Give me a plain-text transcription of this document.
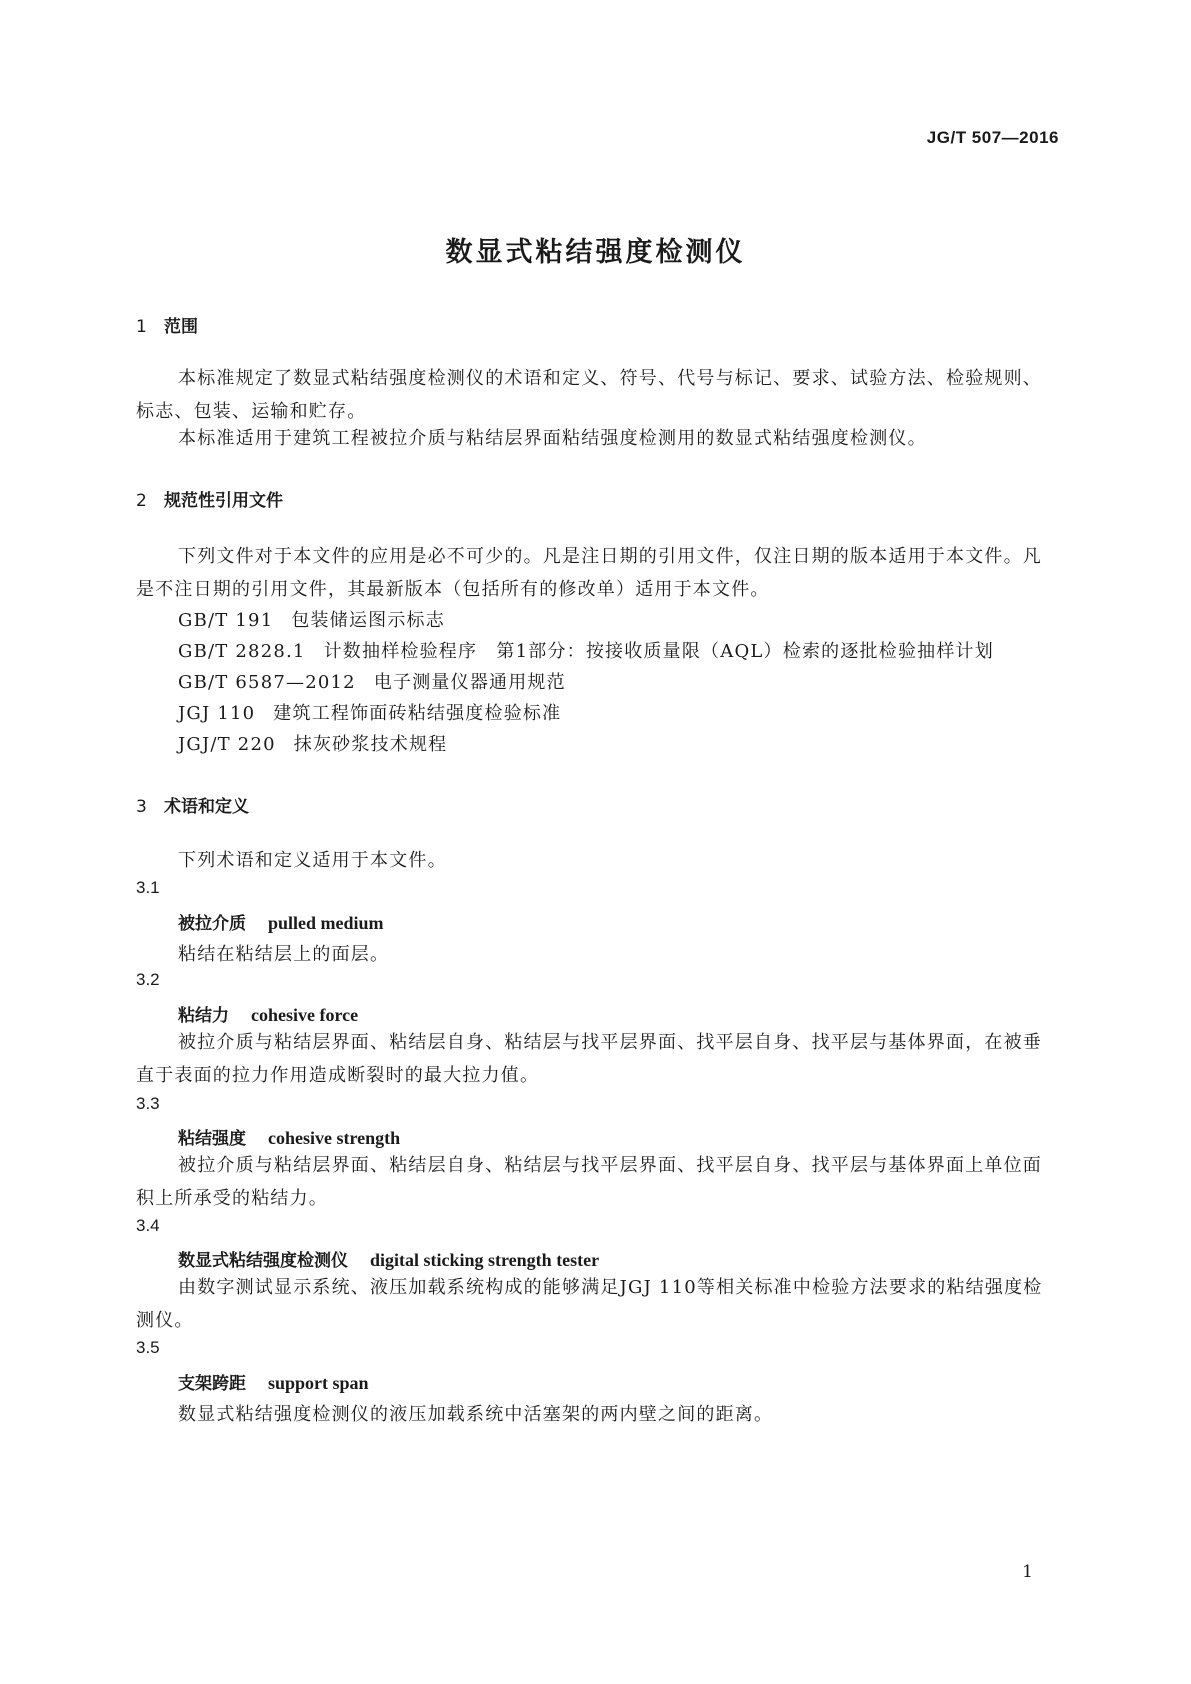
JG/T 507—2016
数显式粘结强度检测仪
1 范围
本标准规定了数显式粘结强度检测仪的术语和定义、符号、代号与标记、要求、试验方法、检验规则、标志、包装、运输和贮存。
本标准适用于建筑工程被拉介质与粘结层界面粘结强度检测用的数显式粘结强度检测仪。
2 规范性引用文件
下列文件对于本文件的应用是必不可少的。凡是注日期的引用文件，仅注日期的版本适用于本文件。凡是不注日期的引用文件，其最新版本（包括所有的修改单）适用于本文件。
GB/T 191 包装储运图示标志
GB/T 2828.1 计数抽样检验程序　第1部分：按接收质量限（AQL）检索的逐批检验抽样计划
GB/T 6587—2012 电子测量仪器通用规范
JGJ 110 建筑工程饰面砖粘结强度检验标准
JGJ/T 220 抹灰砂浆技术规程
3 术语和定义
下列术语和定义适用于本文件。
3.1
被拉介质 pulled medium
粘结在粘结层上的面层。
3.2
粘结力 cohesive force
被拉介质与粘结层界面、粘结层自身、粘结层与找平层界面、找平层自身、找平层与基体界面，在被垂直于表面的拉力作用造成断裂时的最大拉力值。
3.3
粘结强度 cohesive strength
被拉介质与粘结层界面、粘结层自身、粘结层与找平层界面、找平层自身、找平层与基体界面上单位面积上所承受的粘结力。
3.4
数显式粘结强度检测仪 digital sticking strength tester
由数字测试显示系统、液压加载系统构成的能够满足JGJ 110等相关标准中检验方法要求的粘结强度检测仪。
3.5
支架跨距 support span
数显式粘结强度检测仪的液压加载系统中活塞架的两内壁之间的距离。
1
